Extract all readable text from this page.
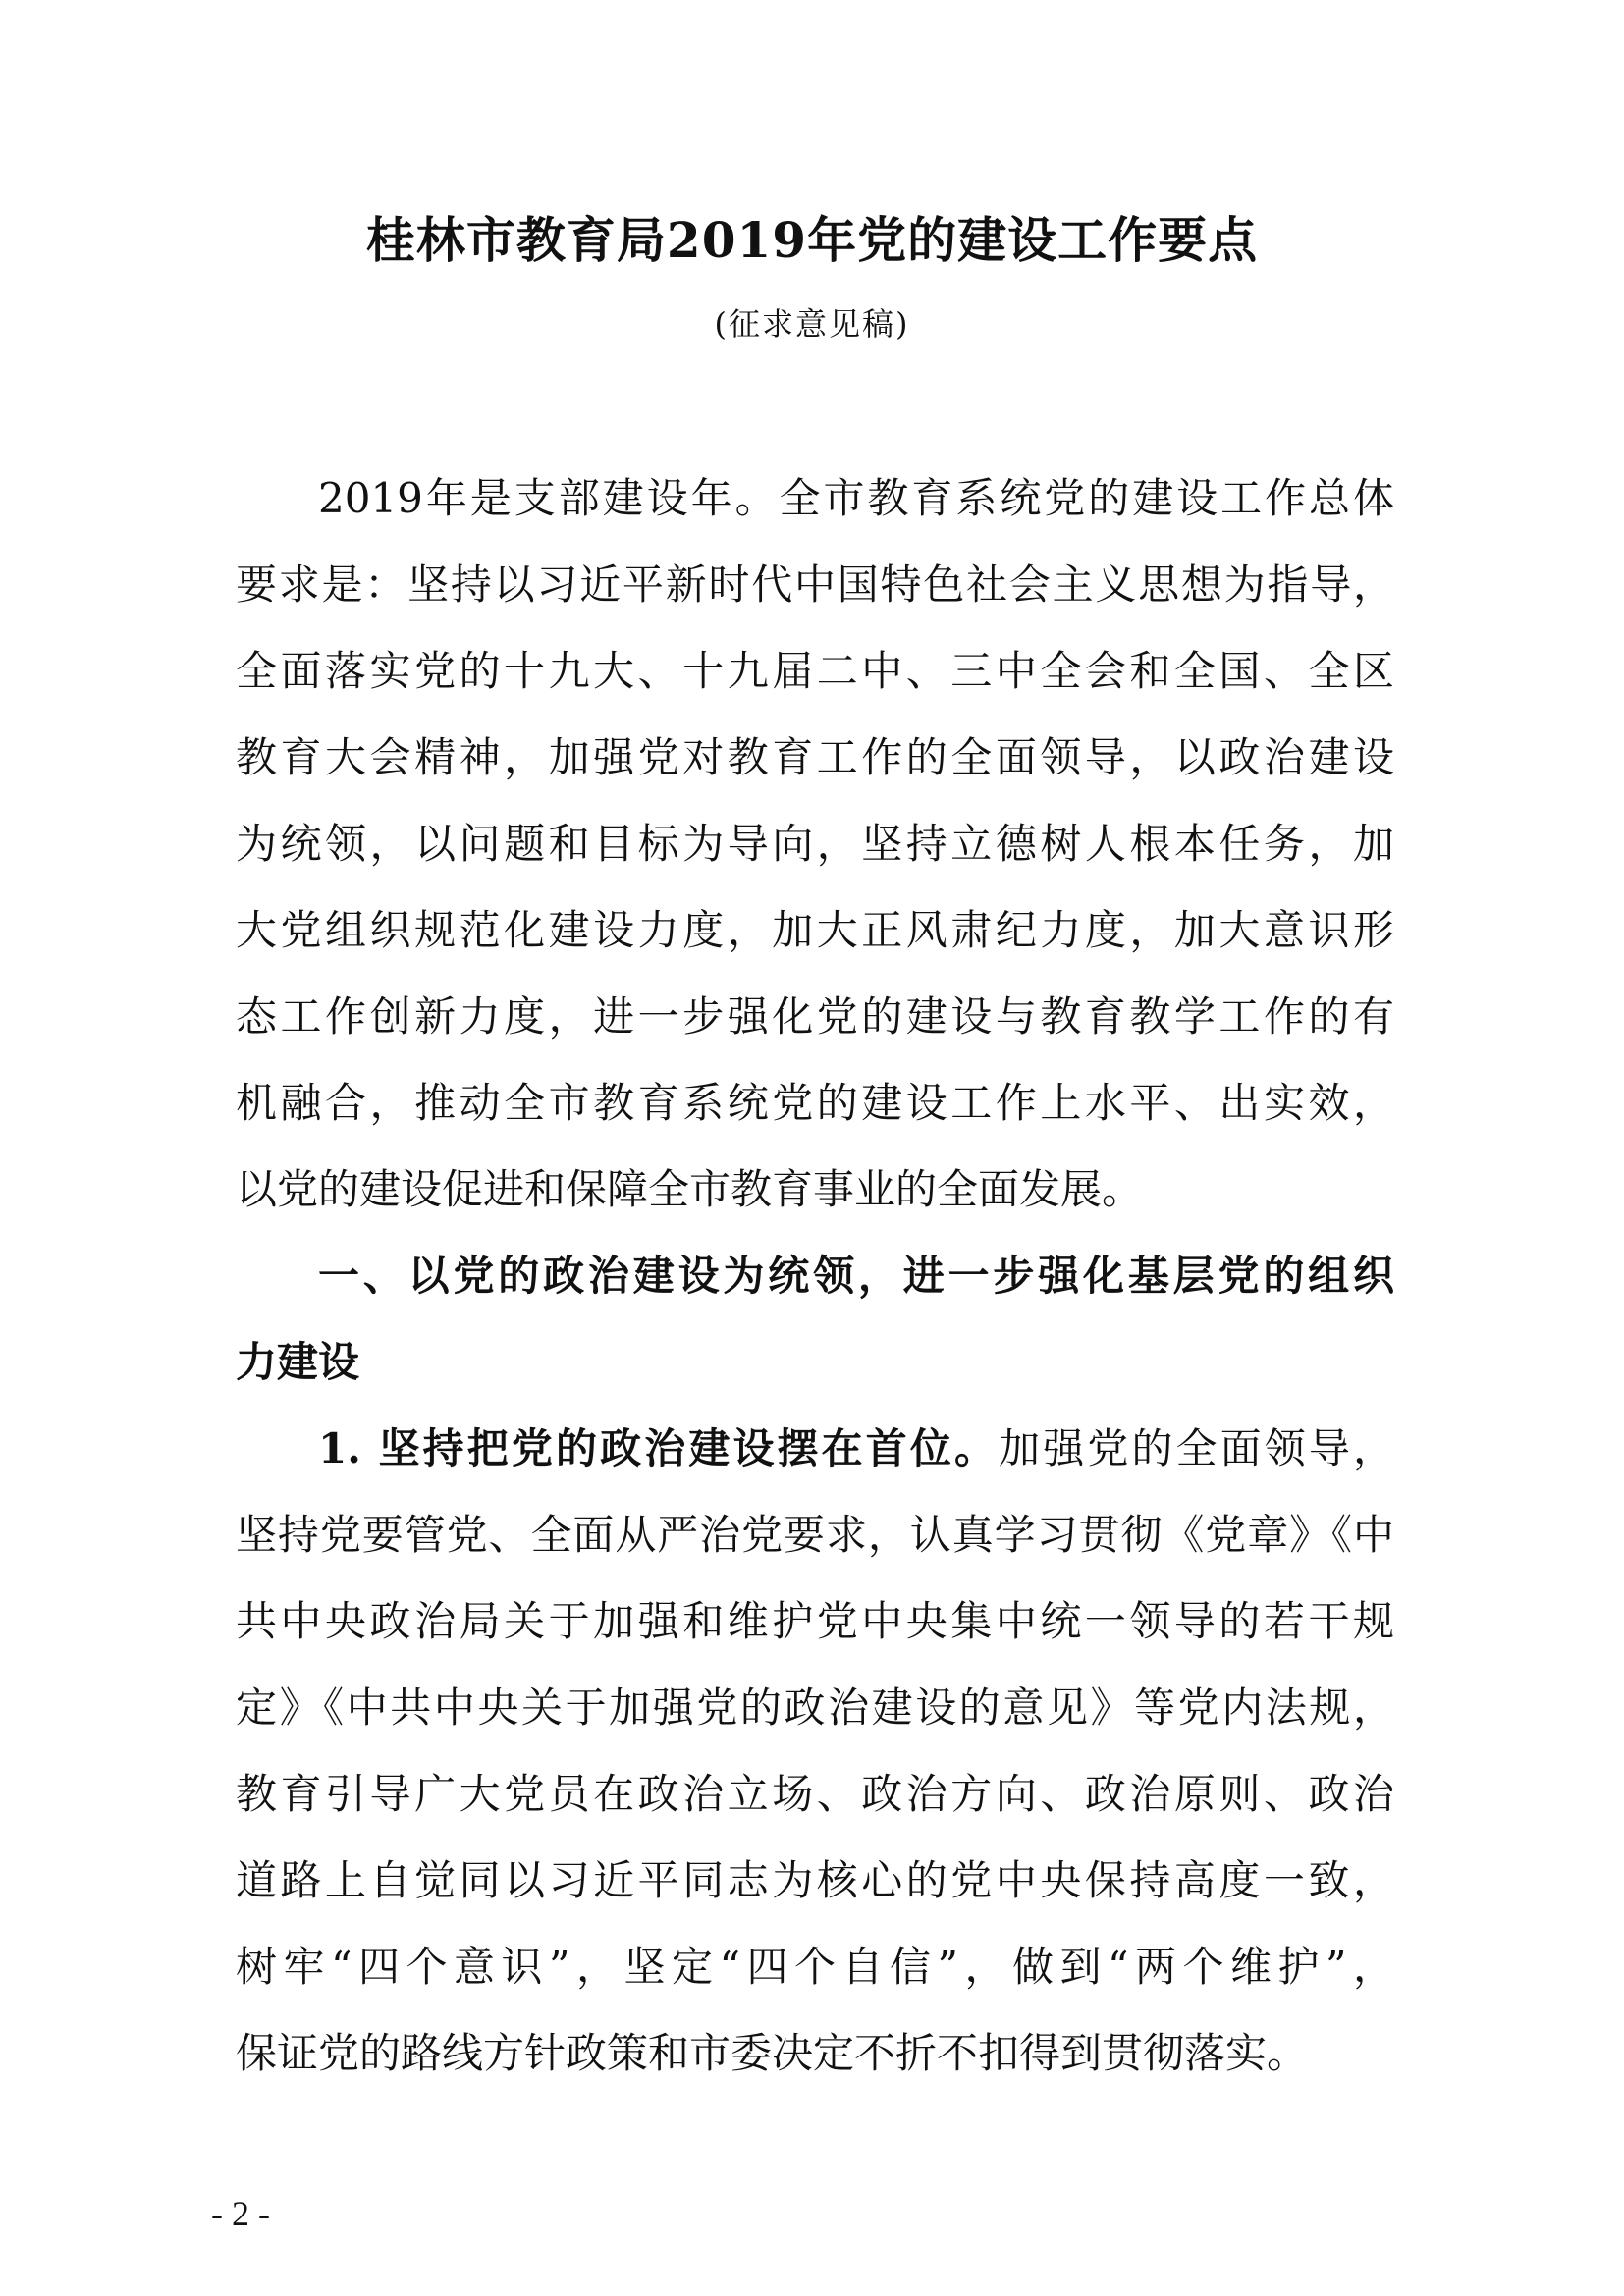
桂林市教育局2019年党的建设工作要点

(征求意见稿)

2019年是支部建设年。全市教育系统党的建设工作总体
要求是：坚持以习近平新时代中国特色社会主义思想为指导，
全面落实党的十九大、十九届二中、三中全会和全国、全区
教育大会精神，加强党对教育工作的全面领导，以政治建设
为统领，以问题和目标为导向，坚持立德树人根本任务，加
大党组织规范化建设力度，加大正风肃纪力度，加大意识形
态工作创新力度，进一步强化党的建设与教育教学工作的有
机融合，推动全市教育系统党的建设工作上水平、出实效，
以党的建设促进和保障全市教育事业的全面发展。
一、以党的政治建设为统领，进一步强化基层党的组织
力建设
1. 坚持把党的政治建设摆在首位。加强党的全面领导，
坚持党要管党、全面从严治党要求，认真学习贯彻《党章》《中
共中央政治局关于加强和维护党中央集中统一领导的若干规
定》《中共中央关于加强党的政治建设的意见》等党内法规，
教育引导广大党员在政治立场、政治方向、政治原则、政治
道路上自觉同以习近平同志为核心的党中央保持高度一致，
树牢“四个意识”，坚定“四个自信”，做到“两个维护”，
保证党的路线方针政策和市委决定不折不扣得到贯彻落实。

- 2 -
